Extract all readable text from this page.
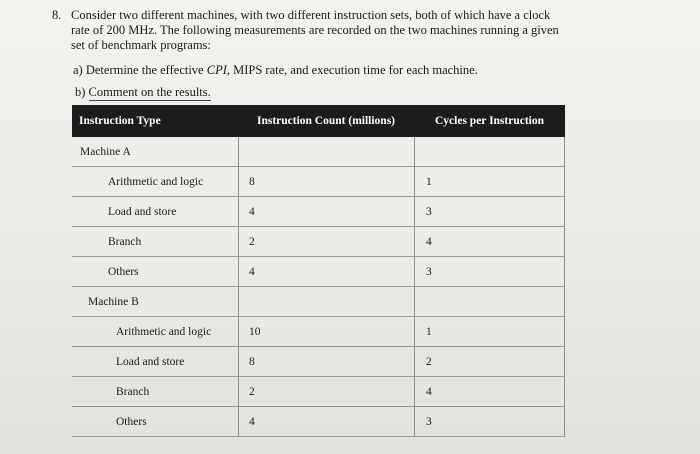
8. Consider two different machines, with two different instruction sets, both of which have a clock rate of 200 MHz. The following measurements are recorded on the two machines running a given set of benchmark programs:
a) Determine the effective CPI, MIPS rate, and execution time for each machine.
b) Comment on the results.
Instruction Type	Instruction Count (millions)	Cycles per Instruction
Machine A
Arithmetic and logic	8	1
Load and store	4	3
Branch	2	4
Others	4	3
Machine B
Arithmetic and logic	10	1
Load and store	8	2
Branch	2	4
Others	4	3
